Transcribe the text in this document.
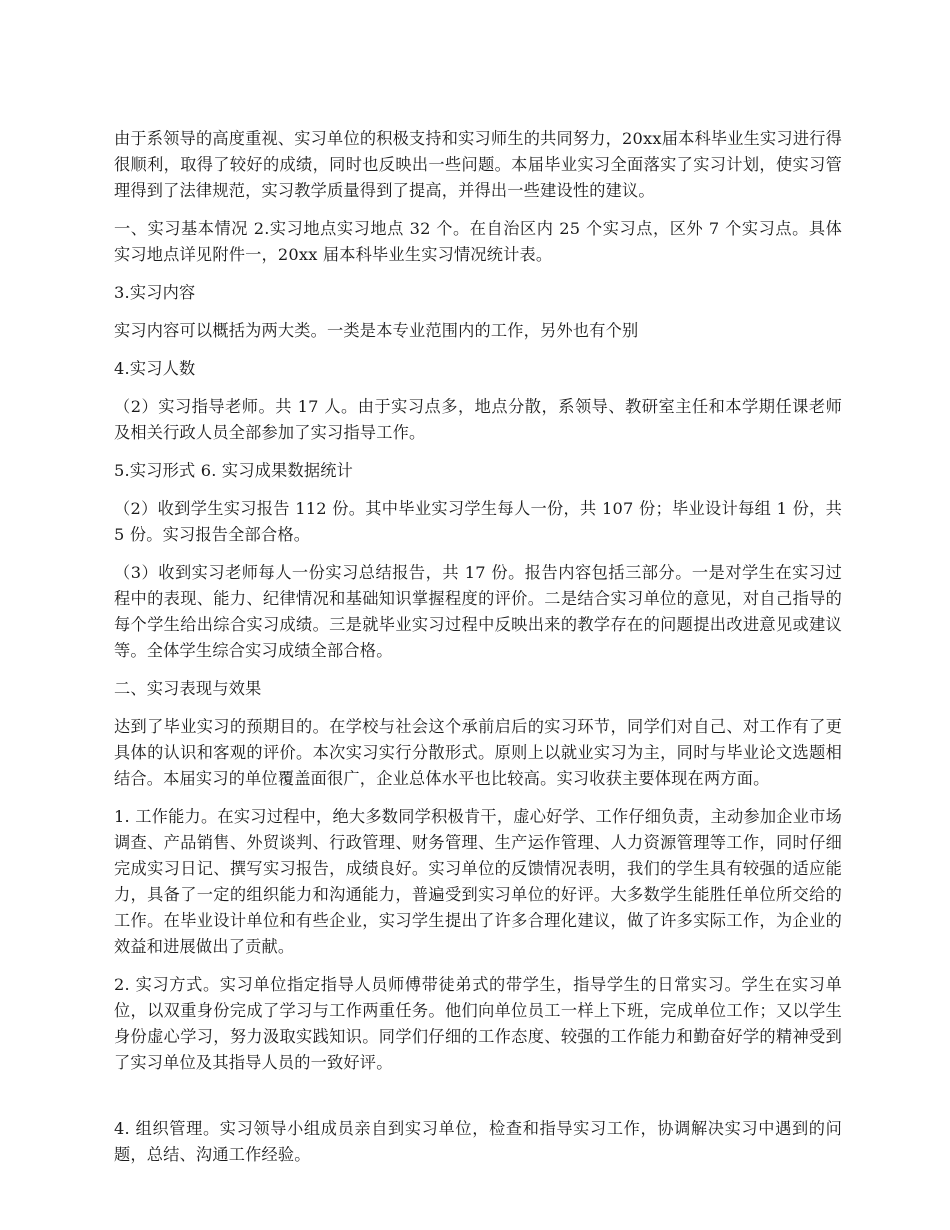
由于系领导的高度重视、实习单位的积极支持和实习师生的共同努力，20xx届本科毕业生实习进行得很顺利，取得了较好的成绩，同时也反映出一些问题。本届毕业实习全面落实了实习计划，使实习管理得到了法律规范，实习教学质量得到了提高，并得出一些建设性的建议。

一、实习基本情况 2.实习地点实习地点 32 个。在自治区内 25 个实习点，区外 7 个实习点。具体实习地点详见附件一，20xx 届本科毕业生实习情况统计表。

3.实习内容

实习内容可以概括为两大类。一类是本专业范围内的工作，另外也有个别

4.实习人数

（2）实习指导老师。共 17 人。由于实习点多，地点分散，系领导、教研室主任和本学期任课老师及相关行政人员全部参加了实习指导工作。

5.实习形式 6. 实习成果数据统计

（2）收到学生实习报告 112 份。其中毕业实习学生每人一份，共 107 份；毕业设计每组 1 份，共 5 份。实习报告全部合格。

（3）收到实习老师每人一份实习总结报告，共 17 份。报告内容包括三部分。一是对学生在实习过程中的表现、能力、纪律情况和基础知识掌握程度的评价。二是结合实习单位的意见，对自己指导的每个学生给出综合实习成绩。三是就毕业实习过程中反映出来的教学存在的问题提出改进意见或建议等。全体学生综合实习成绩全部合格。

二、实习表现与效果

达到了毕业实习的预期目的。在学校与社会这个承前启后的实习环节，同学们对自己、对工作有了更具体的认识和客观的评价。本次实习实行分散形式。原则上以就业实习为主，同时与毕业论文选题相结合。本届实习的单位覆盖面很广，企业总体水平也比较高。实习收获主要体现在两方面。

1. 工作能力。在实习过程中，绝大多数同学积极肯干，虚心好学、工作仔细负责，主动参加企业市场调查、产品销售、外贸谈判、行政管理、财务管理、生产运作管理、人力资源管理等工作，同时仔细完成实习日记、撰写实习报告，成绩良好。实习单位的反馈情况表明，我们的学生具有较强的适应能力，具备了一定的组织能力和沟通能力，普遍受到实习单位的好评。大多数学生能胜任单位所交给的工作。在毕业设计单位和有些企业，实习学生提出了许多合理化建议，做了许多实际工作，为企业的效益和进展做出了贡献。

2. 实习方式。实习单位指定指导人员师傅带徒弟式的带学生，指导学生的日常实习。学生在实习单位，以双重身份完成了学习与工作两重任务。他们向单位员工一样上下班，完成单位工作；又以学生身份虚心学习，努力汲取实践知识。同学们仔细的工作态度、较强的工作能力和勤奋好学的精神受到了实习单位及其指导人员的一致好评。

4. 组织管理。实习领导小组成员亲自到实习单位，检查和指导实习工作，协调解决实习中遇到的问题，总结、沟通工作经验。
